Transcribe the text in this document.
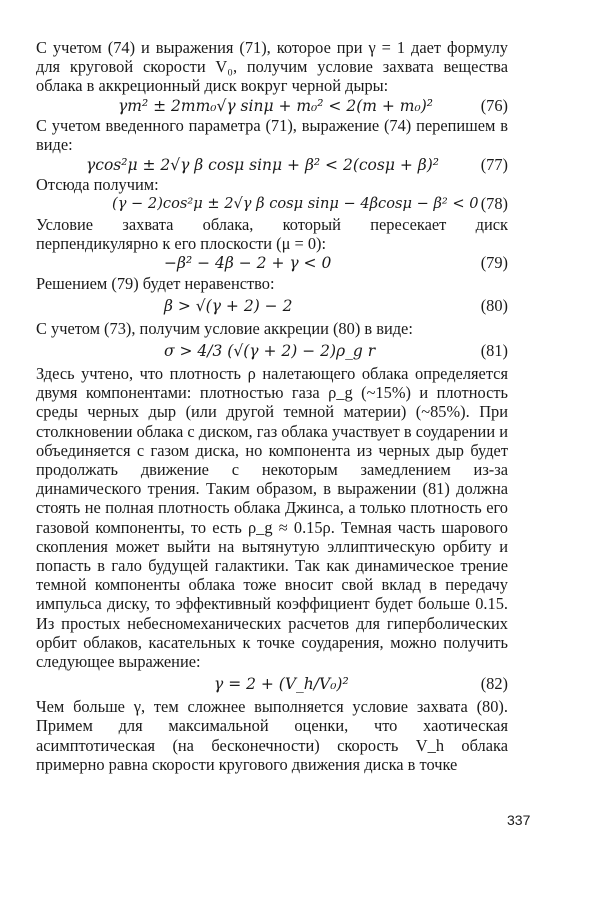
С учетом (74) и выражения (71), которое при γ = 1 дает формулу для круговой скорости V₀, получим условие захвата вещества облака в аккреционный диск вокруг черной дыры:

γm² ± 2mm₀√γ sinμ + m₀² < 2(m + m₀)²	(76)

С учетом введенного параметра (71), выражение (74) перепишем в виде:

γcos²μ ± 2√γ β cosμ sinμ + β² < 2(cosμ + β)²	(77)

Отсюда получим:

(γ − 2)cos²μ ± 2√γ β cosμ sinμ − 4βcosμ − β² < 0 (78)

Условие захвата облака, который пересекает диск перпендикулярно к его плоскости (μ = 0):

−β² − 4β − 2 + γ < 0	(79)

Решением (79) будет неравенство:

β > √(γ + 2) − 2	(80)

С учетом (73), получим условие аккреции (80) в виде:

σ > 4/3 (√(γ + 2) − 2)ρ_g r	(81)

Здесь учтено, что плотность ρ налетающего облака определяется двумя компонентами: плотностью газа ρ_g (~15%) и плотность среды черных дыр (или другой темной материи) (~85%). При столкновении облака с диском, газ облака участвует в соударении и объединяется с газом диска, но компонента из черных дыр будет продолжать движение с некоторым замедлением из-за динамического трения. Таким образом, в выражении (81) должна стоять не полная плотность облака Джинса, а только плотность его газовой компоненты, то есть ρ_g ≈ 0.15ρ. Темная часть шарового скопления может выйти на вытянутую эллиптическую орбиту и попасть в гало будущей галактики. Так как динамическое трение темной компоненты облака тоже вносит свой вклад в передачу импульса диску, то эффективный коэффициент будет больше 0.15. Из простых небесномеханических расчетов для гиперболических орбит облаков, касательных к точке соударения, можно получить следующее выражение:

γ = 2 + (V_h/V₀)²	(82)

Чем больше γ, тем сложнее выполняется условие захвата (80). Примем для максимальной оценки, что хаотическая асимптотическая (на бесконечности) скорость V_h облака примерно равна скорости кругового движения диска в точке

337
